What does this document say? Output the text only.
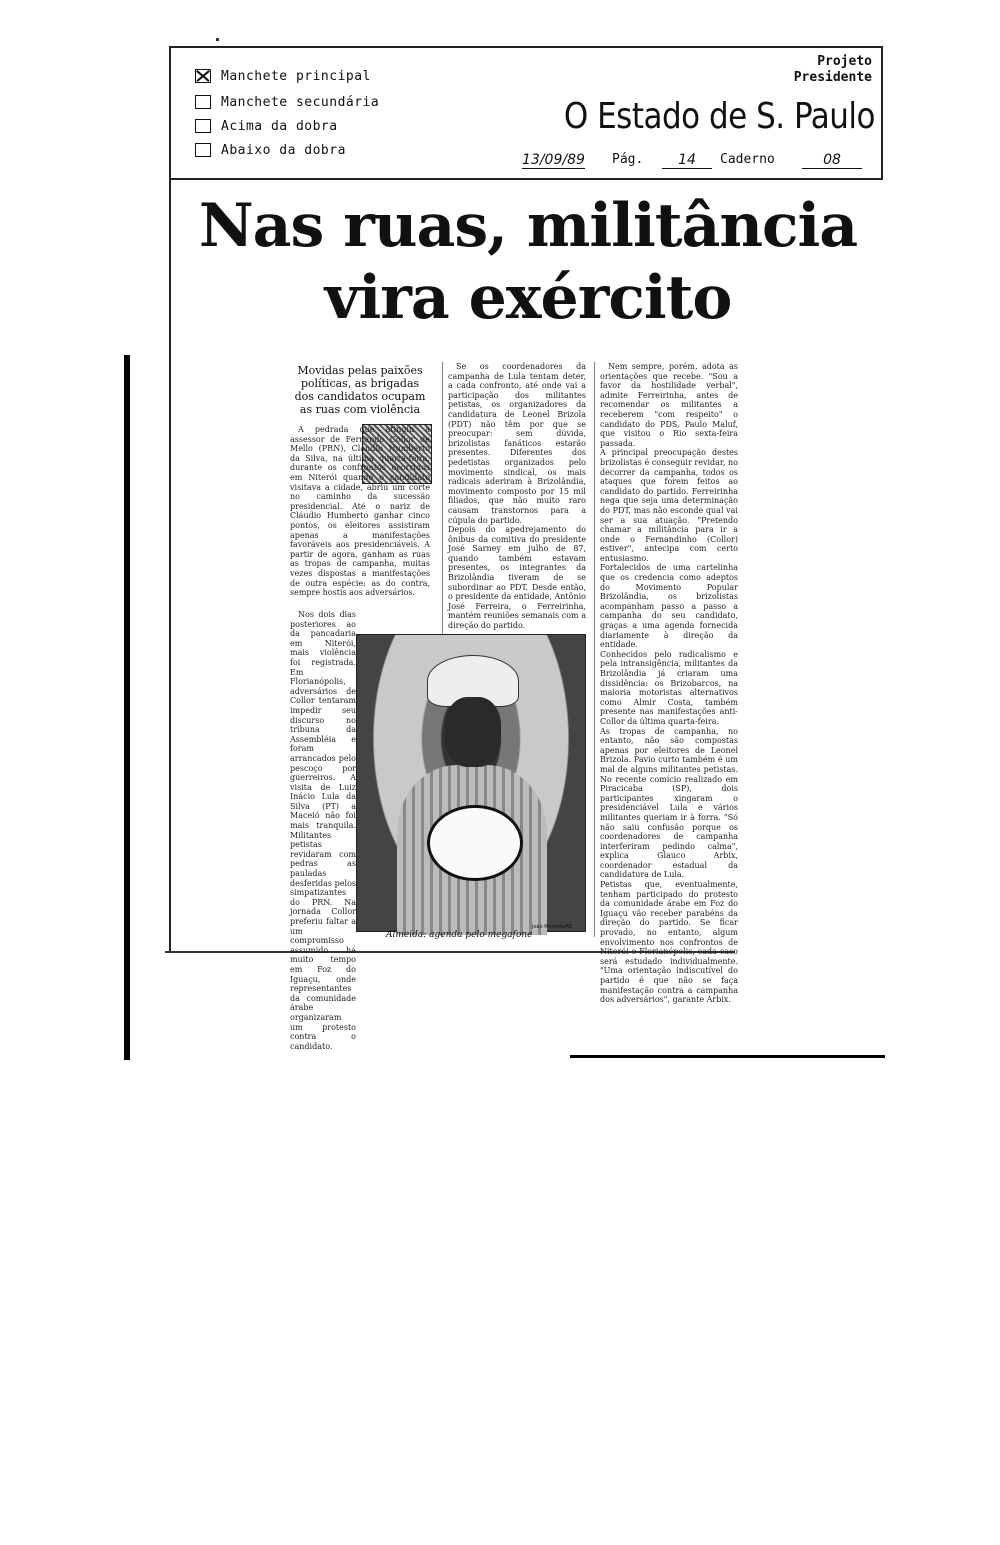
Manchete principal
Manchete secundária
Acima da dobra
Abaixo da dobra
Projeto
Presidente
O Estado de S. Paulo
13/09/89 Pág.	14	Caderno	08
Nas ruas, militância
vira exército
Movidas pelas paixões políticas, as brigadas dos candidatos ocupam as ruas com violência

A pedrada que atingiu a assessor de Fernando Collor de Mello (PRN), Cláudio Humberto da Silva, na última quarta-feira, durante os confrontos ocorridos em Niterói quando o candidato visitava a cidade, abriu um corte no caminho da sucessão presidencial. Até o nariz de Cláudio Humberto ganhar cinco pontos, os eleitores assistiram apenas a manifestações favoráveis aos presidenciáveis. A partir de agora, ganham as ruas as tropas de campanha, muitas vezes dispostas a manifestações de outra espécie: as do contra, sempre hostis aos adversários.

Nos dois dias posteriores ao da pancadaria em Niterói, mais violência foi registrada. Em Florianópolis, adversários de Collor tentaram impedir seu discurso no tribuna da Assembléia e foram arrancados pelo pescoço por guerreiros. A visita de Luiz Inácio Lula da Silva (PT) a Maceió não foi mais tranquila. Militantes petistas revidaram com pedras as pauladas desferidas pelos simpatizantes do PRN. Na jornada Collor preferiu faltar a um compromisso assumido há muito tempo em Foz do Iguaçu, onde representantes da comunidade árabe organizaram um protesto contra o candidato.

Se os coordenadores da campanha de Lula tentam deter, a cada confronto, até onde vai a participação dos militantes petistas, os organizadores da candidatura de Leonel Brizola (PDT) não têm por que se preocupar: sem dúvida, brizolistas fanáticos estarão presentes. Diferentes dos pedetistas organizados pelo movimento sindical, os mais radicais aderiram à Brizolândia, movimento composto por 15 mil filiados, que não muito raro causam transtornos para a cúpula do partido.
Depois do apedrejamento do ônibus da comitiva do presidente José Sarney em julho de 87, quando também estavam presentes, os integrantes da Brizolândia tiveram de se subordinar ao PDT. Desde então, o presidente da entidade, Antônio José Ferreira, o Ferreirinha, mantém reuniões semanais com a direção do partido.

Nem sempre, porém, adota as orientações que recebe. "Sou a favor da hostilidade verbal", admite Ferreirinha, antes de recomendar os militantes a receberem "com respeito" o candidato do PDS, Paulo Maluf, que visitou o Rio sexta-feira passada.
A principal preocupação destes brizolistas é conseguir revidar, no decorrer da campanha, todos os ataques que forem feitos ao candidato do partido. Ferreirinha nega que seja uma determinação do PDT, mas não esconde qual vai ser a sua atuação. "Pretendo chamar a militância para ir a onde o Fernandinho (Collor) estiver", antecipa com certo entusiasmo.
Fortalecidos de uma cartelinha que os credencia como adeptos do Movimento Popular Brizolândia, os brizolistas acompanham passo a passo a campanha do seu candidato, graças a uma agenda fornecida diariamente à direção da entidade.
Conhecidos pelo radicalismo e pela intransigência, militantes da Brizolândia já criaram uma dissidência: os Brizobarcos, na maioria motoristas alternativos como Almir Costa, também presente nas manifestações anti-Collor da última quarta-feira.
As tropas de campanha, no entanto, não são compostas apenas por eleitores de Leonel Brizola. Pavio curto também é um mal de alguns militantes petistas. No recente comício realizado em Piracicaba (SP), dois participantes xingaram o presidenciável Lula e vários militantes queriam ir à forra. "Só não saiu confusão porque os coordenadores de campanha interferiram pedindo calma", explica Glauco Arbix, coordenador estadual da candidatura de Lula.
Petistas que, eventualmente, tenham participado do protesto da comunidade árabe em Foz do Iguaçu vão receber parabéns da direção do partido. Se ficar provado, no entanto, algum envolvimento nos confrontos de Niterói e Florianópolis, cada caso será estudado individualmente. "Uma orientação indiscutível do partido é que não se faça manifestação contra a campanha dos adversários", garante Arbix.

João Marcelo/AE
Almeida: agenda pelo megafone
